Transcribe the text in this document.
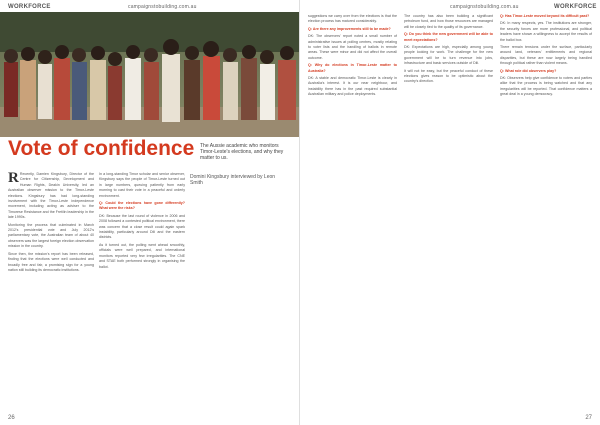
WORKFORCE	campaignstobuilding.com.au
Vote of confidence The Aussie academic who monitors Timor-Leste's elections, and why they matter to us.

R Recently, Damien Kingsbury, Director of the Centre for Citizenship, Development and Human Rights, Deakin University, led an Australian observer mission to the Timor-Leste elections. Kingsbury has had long-standing involvement with the Timor-Leste independence movement, including acting as adviser to the Timorese Resistance and the Fretilin leadership in the late 1990s.

Monitoring the process that culminated in March 2012's presidential vote and July 2012's parliamentary vote, the Australian team of about 40 observers was the largest foreign election observation mission in the country.

Since then, the mission's report has been released, finding that the elections were well conducted and broadly free and fair, a promising sign for a young nation still building its democratic institutions.

In a long-standing Timor scholar and senior observer, Kingsbury says the people of Timor-Leste turned out in large numbers, queuing patiently from early morning to cast their vote in a peaceful and orderly environment.

Q: Could the elections have gone differently? What were the risks?

DK: Because the last round of violence in 2006 and 2008 followed a contested political environment, there was concern that a close result could again spark instability, particularly around Dili and the eastern districts.

As it turned out, the polling went ahead smoothly, officials were well prepared, and international monitors reported very few irregularities. The CNE and STAE both performed strongly in organising the ballot.

Domini Kingsbury interviewed by Leon Smith
26
campaignstobuilding.com.au	WORKFORCE

suggestions we carry over from the elections is that the election process has matured considerably.

Q: Are there any improvements still to be made?

DK: The observers' report noted a small number of administrative issues at polling centres, mostly relating to voter lists and the handling of ballots in remote areas. These were minor and did not affect the overall outcome.

Q: Why do elections in Timor-Leste matter to Australia?

DK: A stable and democratic Timor-Leste is clearly in Australia's interest. It is our near neighbour, and instability there has in the past required substantial Australian military and police deployments.

The country has also been building a significant petroleum fund, and how those resources are managed will be closely tied to the quality of its governance.

Q: Do you think the new government will be able to meet expectations?

DK: Expectations are high, especially among young people looking for work. The challenge for the new government will be to turn revenue into jobs, infrastructure and basic services outside of Dili.

It will not be easy, but the peaceful conduct of these elections gives reason to be optimistic about the country's direction.

Q: Has Timor-Leste moved beyond its difficult past?

DK: In many respects, yes. The institutions are stronger, the security forces are more professional, and political leaders have shown a willingness to accept the results of the ballot box.

There remain tensions under the surface, particularly around land, veterans' entitlements and regional disparities, but these are now largely being handled through political rather than violent means.

Q: What role did observers play?

DK: Observers help give confidence to voters and parties alike that the process is being watched and that any irregularities will be reported. That confidence matters a great deal in a young democracy.

27
